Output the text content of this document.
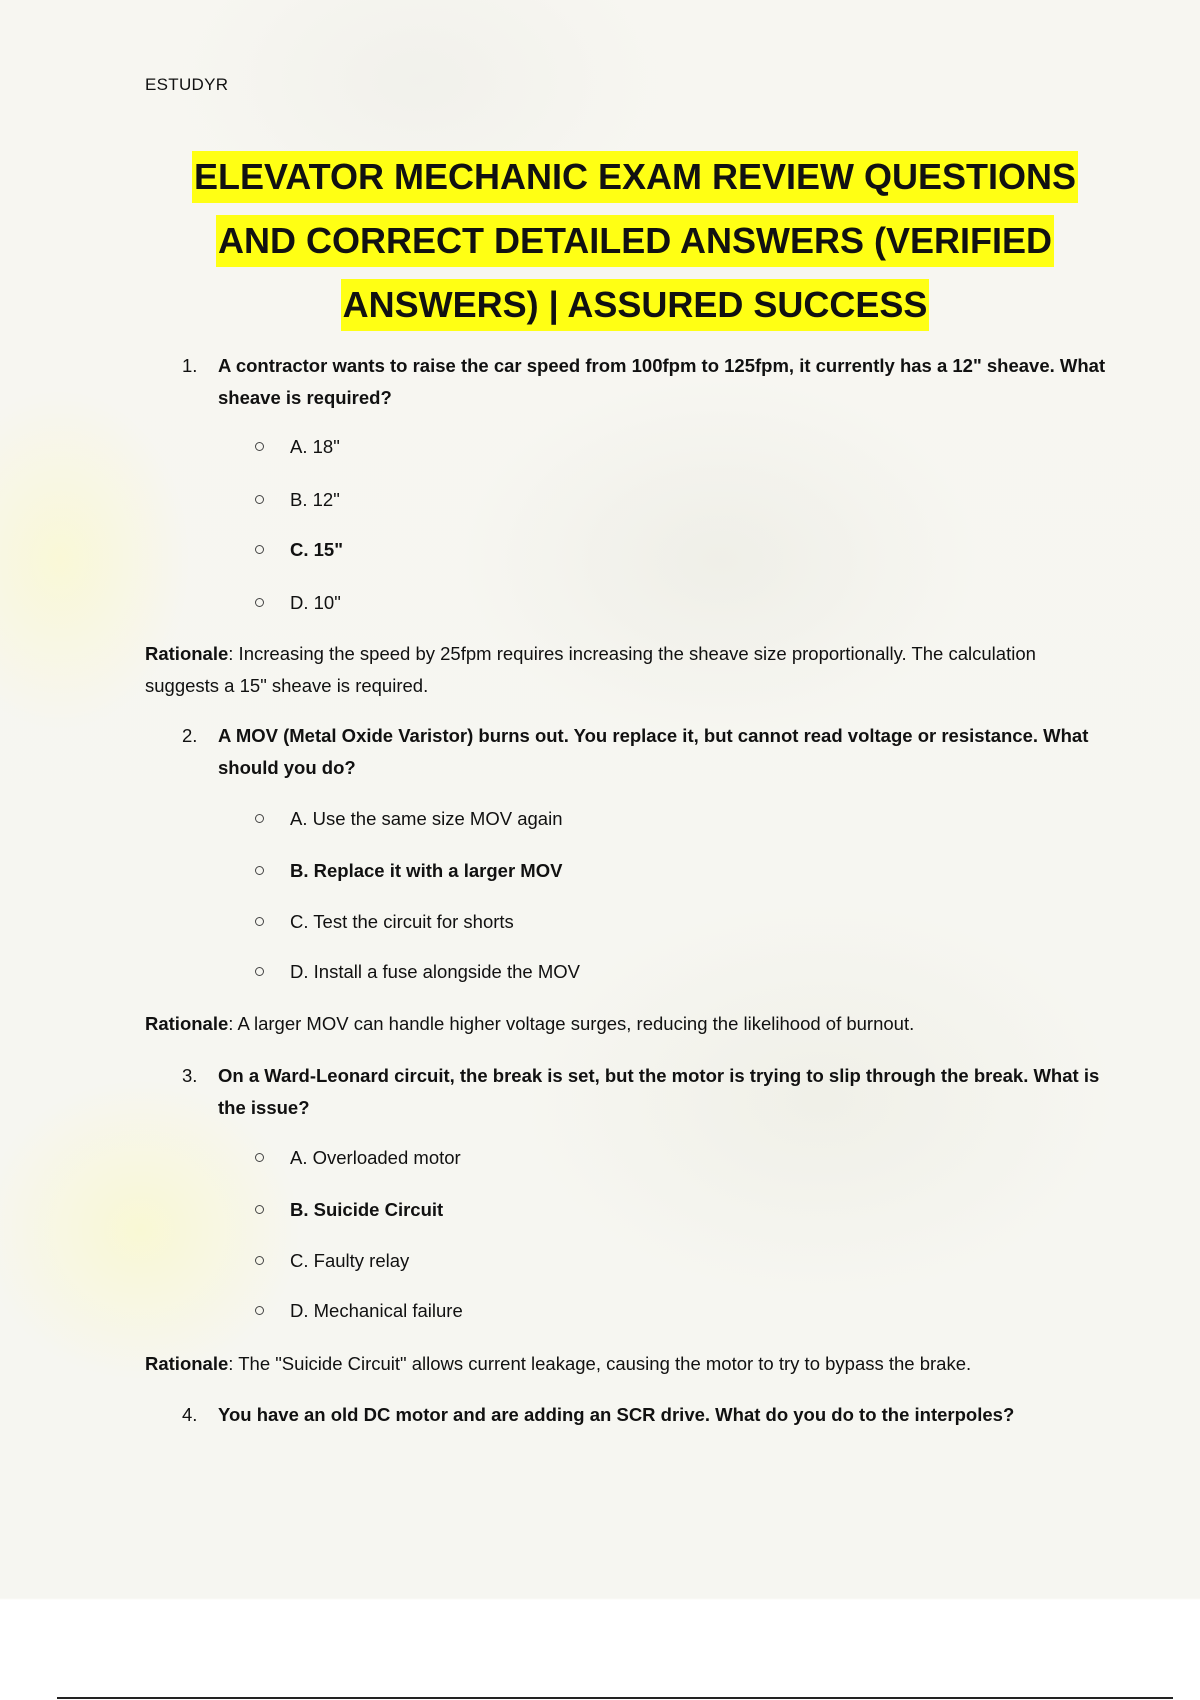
ESTUDYR
ELEVATOR MECHANIC EXAM REVIEW QUESTIONS
AND CORRECT DETAILED ANSWERS (VERIFIED
ANSWERS) | ASSURED SUCCESS
1. A contractor wants to raise the car speed from 100fpm to 125fpm, it currently has a 12" sheave. What sheave is required?
A. 18"
B. 12"
C. 15"
D. 10"
Rationale: Increasing the speed by 25fpm requires increasing the sheave size proportionally. The calculation suggests a 15" sheave is required.
2. A MOV (Metal Oxide Varistor) burns out. You replace it, but cannot read voltage or resistance. What should you do?
A. Use the same size MOV again
B. Replace it with a larger MOV
C. Test the circuit for shorts
D. Install a fuse alongside the MOV
Rationale: A larger MOV can handle higher voltage surges, reducing the likelihood of burnout.
3. On a Ward-Leonard circuit, the break is set, but the motor is trying to slip through the break. What is the issue?
A. Overloaded motor
B. Suicide Circuit
C. Faulty relay
D. Mechanical failure
Rationale: The "Suicide Circuit" allows current leakage, causing the motor to try to bypass the brake.
4. You have an old DC motor and are adding an SCR drive. What do you do to the interpoles?
